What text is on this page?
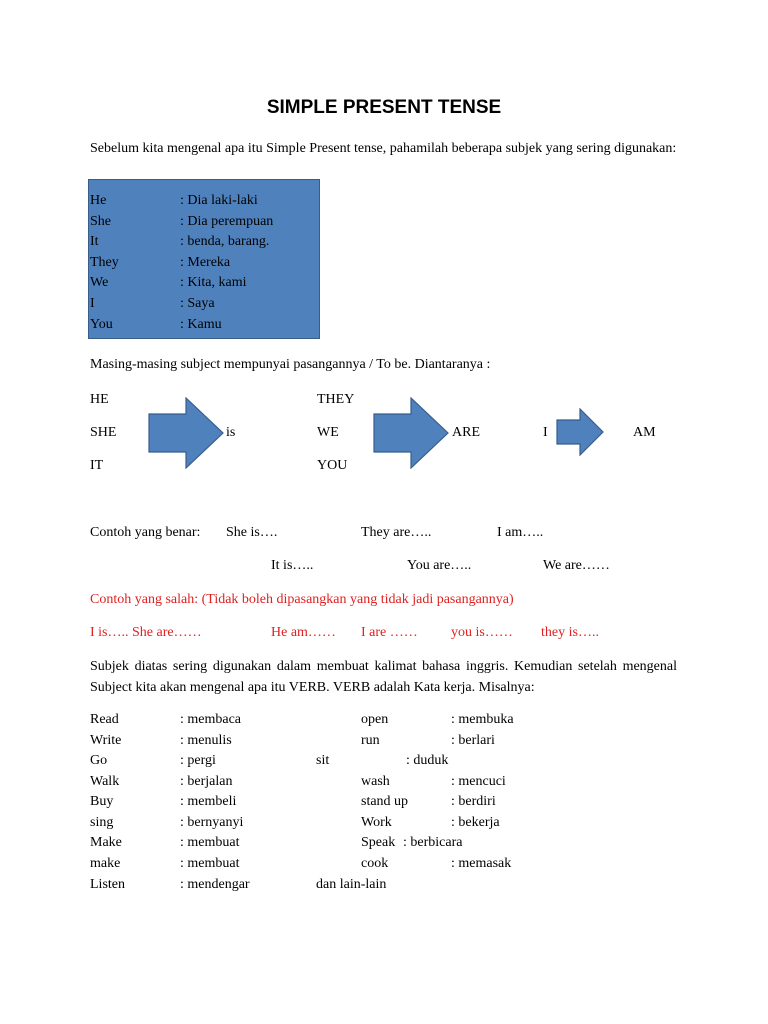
SIMPLE PRESENT TENSE
Sebelum kita mengenal apa itu Simple Present tense, pahamilah beberapa subjek yang sering digunakan:
He	: Dia laki-laki
She	: Dia perempuan
It	: benda, barang.
They	: Mereka
We	: Kita, kami
I	: Saya
You	: Kamu
Masing-masing subject mempunyai pasangannya / To be. Diantaranya :
HE
SHE
IT
is
THEY
WE
YOU
ARE	I	AM
Contoh yang benar: She is….	They are…..	I am…..
It is…..	You are…..	We are……
Contoh yang salah: (Tidak boleh dipasangkan yang tidak jadi pasangannya)
I is….. She are……	He am…… I are …… you is…… they is…..
Subjek diatas sering digunakan dalam membuat kalimat bahasa inggris. Kemudian setelah mengenal Subject kita akan mengenal apa itu VERB. VERB adalah Kata kerja. Misalnya:
Read	: membaca
Write	: menulis
Go	: pergi
Walk	: berjalan
Buy	: membeli
sing	: bernyanyi
Make	: membuat
make	: membuat
Listen	: mendengar
open	: membuka
run	: berlari
sit	: duduk
wash	: mencuci
stand up	: berdiri
Work	: bekerja
Speak : berbicara
cook	: memasak
dan lain-lain
